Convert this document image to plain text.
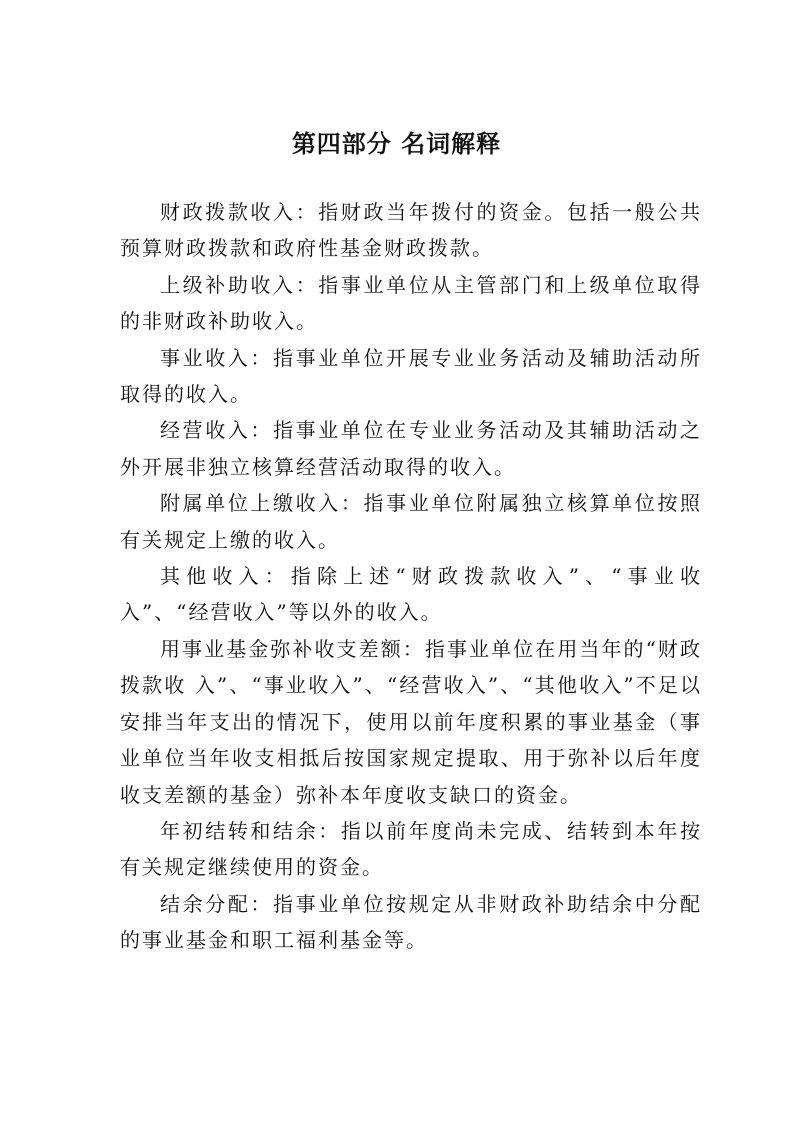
第四部分 名词解释

财政拨款收入：指财政当年拨付的资金。包括一般公共预算财政拨款和政府性基金财政拨款。

上级补助收入：指事业单位从主管部门和上级单位取得的非财政补助收入。

事业收入：指事业单位开展专业业务活动及辅助活动所取得的收入。

经营收入：指事业单位在专业业务活动及其辅助活动之外开展非独立核算经营活动取得的收入。

附属单位上缴收入：指事业单位附属独立核算单位按照有关规定上缴的收入。

其他收入：指除上述“财政拨款收入”、“事业收入”、“经营收入”等以外的收入。

用事业基金弥补收支差额：指事业单位在用当年的“财政拨款收 入”、“事业收入”、“经营收入”、“其他收入”不足以安排当年支出的情况下，使用以前年度积累的事业基金（事业单位当年收支相抵后按国家规定提取、用于弥补以后年度收支差额的基金）弥补本年度收支缺口的资金。

年初结转和结余：指以前年度尚未完成、结转到本年按有关规定继续使用的资金。

结余分配：指事业单位按规定从非财政补助结余中分配的事业基金和职工福利基金等。
